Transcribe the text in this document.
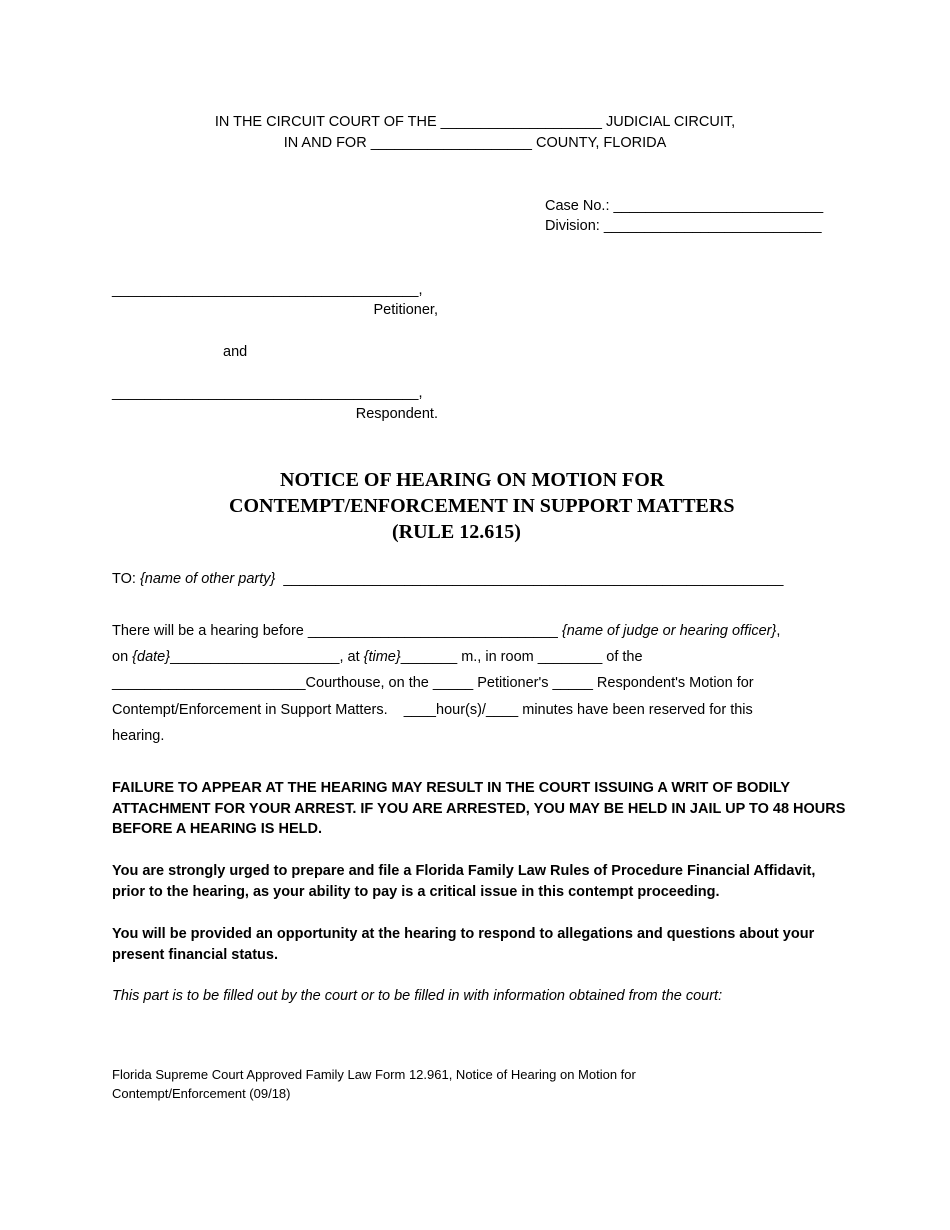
IN THE CIRCUIT COURT OF THE ____________________ JUDICIAL CIRCUIT,
IN AND FOR ____________________ COUNTY, FLORIDA
Case No.: __________________________
Division: ___________________________
______________________________________,
Petitioner,
and
______________________________________,
Respondent.
NOTICE OF HEARING ON MOTION FOR
CONTEMPT/ENFORCEMENT IN SUPPORT MATTERS
(RULE 12.615)
TO: {name of other party}  ______________________________________________________________
There will be a hearing before _______________________________ {name of judge or hearing officer},
on {date}_____________________, at {time}_______ m., in room ________ of the
________________________Courthouse, on the _____ Petitioner's _____ Respondent's Motion for
Contempt/Enforcement in Support Matters.    ____hour(s)/____ minutes have been reserved for this
hearing.
FAILURE TO APPEAR AT THE HEARING MAY RESULT IN THE COURT ISSUING A WRIT OF BODILY ATTACHMENT FOR YOUR ARREST. IF YOU ARE ARRESTED, YOU MAY BE HELD IN JAIL UP TO 48 HOURS BEFORE A HEARING IS HELD.
You are strongly urged to prepare and file a Florida Family Law Rules of Procedure Financial Affidavit, prior to the hearing, as your ability to pay is a critical issue in this contempt proceeding.
You will be provided an opportunity at the hearing to respond to allegations and questions about your present financial status.
This part is to be filled out by the court or to be filled in with information obtained from the court:
Florida Supreme Court Approved Family Law Form 12.961, Notice of Hearing on Motion for
Contempt/Enforcement (09/18)
